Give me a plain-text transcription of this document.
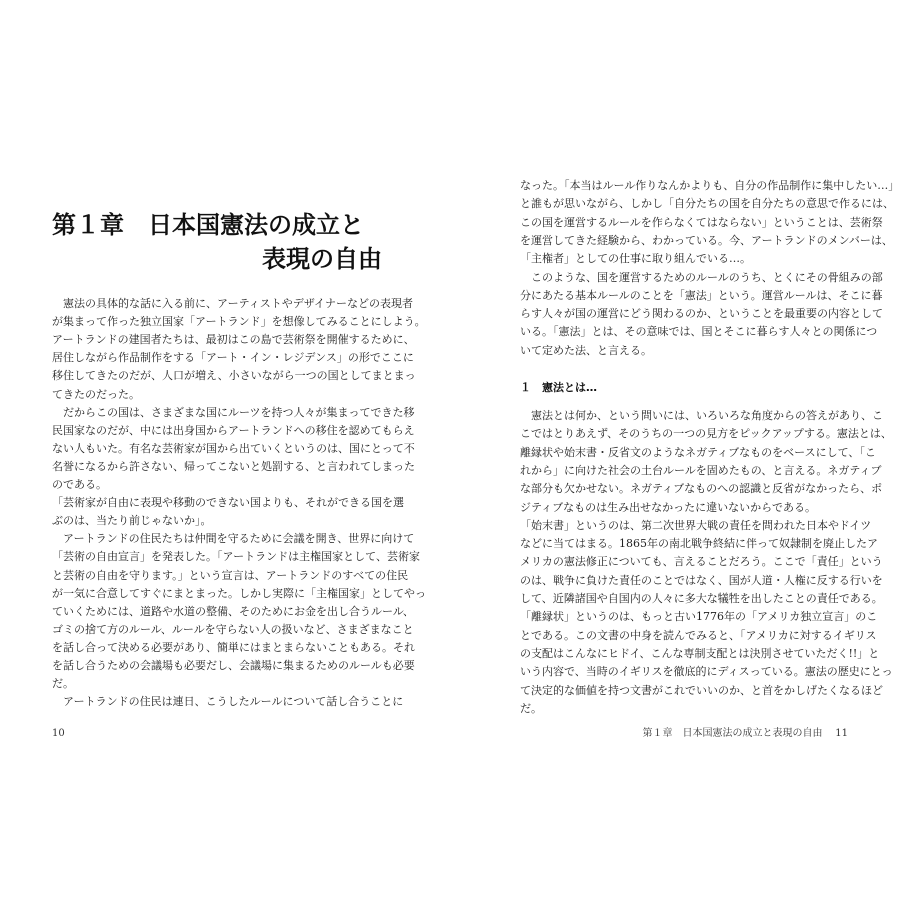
第１章　日本国憲法の成立と
表現の自由
　憲法の具体的な話に入る前に、アーティストやデザイナーなどの表現者
が集まって作った独立国家「アートランド」を想像してみることにしよう。
アートランドの建国者たちは、最初はこの島で芸術祭を開催するために、
居住しながら作品制作をする「アート・イン・レジデンス」の形でここに
移住してきたのだが、人口が増え、小さいながら一つの国としてまとまっ
てきたのだった。
　だからこの国は、さまざまな国にルーツを持つ人々が集まってできた移
民国家なのだが、中には出身国からアートランドへの移住を認めてもらえ
ない人もいた。有名な芸術家が国から出ていくというのは、国にとって不
名誉になるから許さない、帰ってこないと処罰する、と言われてしまった
のである。
「芸術家が自由に表現や移動のできない国よりも、それができる国を選
ぶのは、当たり前じゃないか」。
　アートランドの住民たちは仲間を守るために会議を開き、世界に向けて
「芸術の自由宣言」を発表した。「アートランドは主権国家として、芸術家
と芸術の自由を守ります。」という宣言は、アートランドのすべての住民
が一気に合意してすぐにまとまった。しかし実際に「主権国家」としてやっ
ていくためには、道路や水道の整備、そのためにお金を出し合うルール、
ゴミの捨て方のルール、ルールを守らない人の扱いなど、さまざまなこと
を話し合って決める必要があり、簡単にはまとまらないこともある。それ
を話し合うための会議場も必要だし、会議場に集まるためのルールも必要
だ。
　アートランドの住民は連日、こうしたルールについて話し合うことに
10
なった。「本当はルール作りなんかよりも、自分の作品制作に集中したい…」
と誰もが思いながら、しかし「自分たちの国を自分たちの意思で作るには、
この国を運営するルールを作らなくてはならない」ということは、芸術祭
を運営してきた経験から、わかっている。今、アートランドのメンバーは、
「主権者」としての仕事に取り組んでいる…。
　このような、国を運営するためのルールのうち、とくにその骨組みの部
分にあたる基本ルールのことを「憲法」という。運営ルールは、そこに暮
らす人々が国の運営にどう関わるのか、ということを最重要の内容として
いる。「憲法」とは、その意味では、国とそこに暮らす人々との関係につ
いて定めた法、と言える。
１　憲法とは…
　憲法とは何か、という問いには、いろいろな角度からの答えがあり、こ
こではとりあえず、そのうちの一つの見方をピックアップする。憲法とは、
離縁状や始末書・反省文のようなネガティブなものをベースにして、「こ
れから」に向けた社会の土台ルールを固めたもの、と言える。ネガティブ
な部分も欠かせない。ネガティブなものへの認識と反省がなかったら、ポ
ジティブなものは生み出せなかったに違いないからである。
「始末書」というのは、第二次世界大戦の責任を問われた日本やドイツ
などに当てはまる。1865年の南北戦争終結に伴って奴隷制を廃止したア
メリカの憲法修正についても、言えることだろう。ここで「責任」という
のは、戦争に負けた責任のことではなく、国が人道・人権に反する行いを
して、近隣諸国や自国内の人々に多大な犠牲を出したことの責任である。
「離縁状」というのは、もっと古い1776年の「アメリカ独立宣言」のこ
とである。この文書の中身を読んでみると、「アメリカに対するイギリス
の支配はこんなにヒドイ、こんな専制支配とは決別させていただく!!」と
いう内容で、当時のイギリスを徹底的にディスっている。憲法の歴史にとっ
て決定的な価値を持つ文書がこれでいいのか、と首をかしげたくなるほど
だ。
第１章　日本国憲法の成立と表現の自由 11
